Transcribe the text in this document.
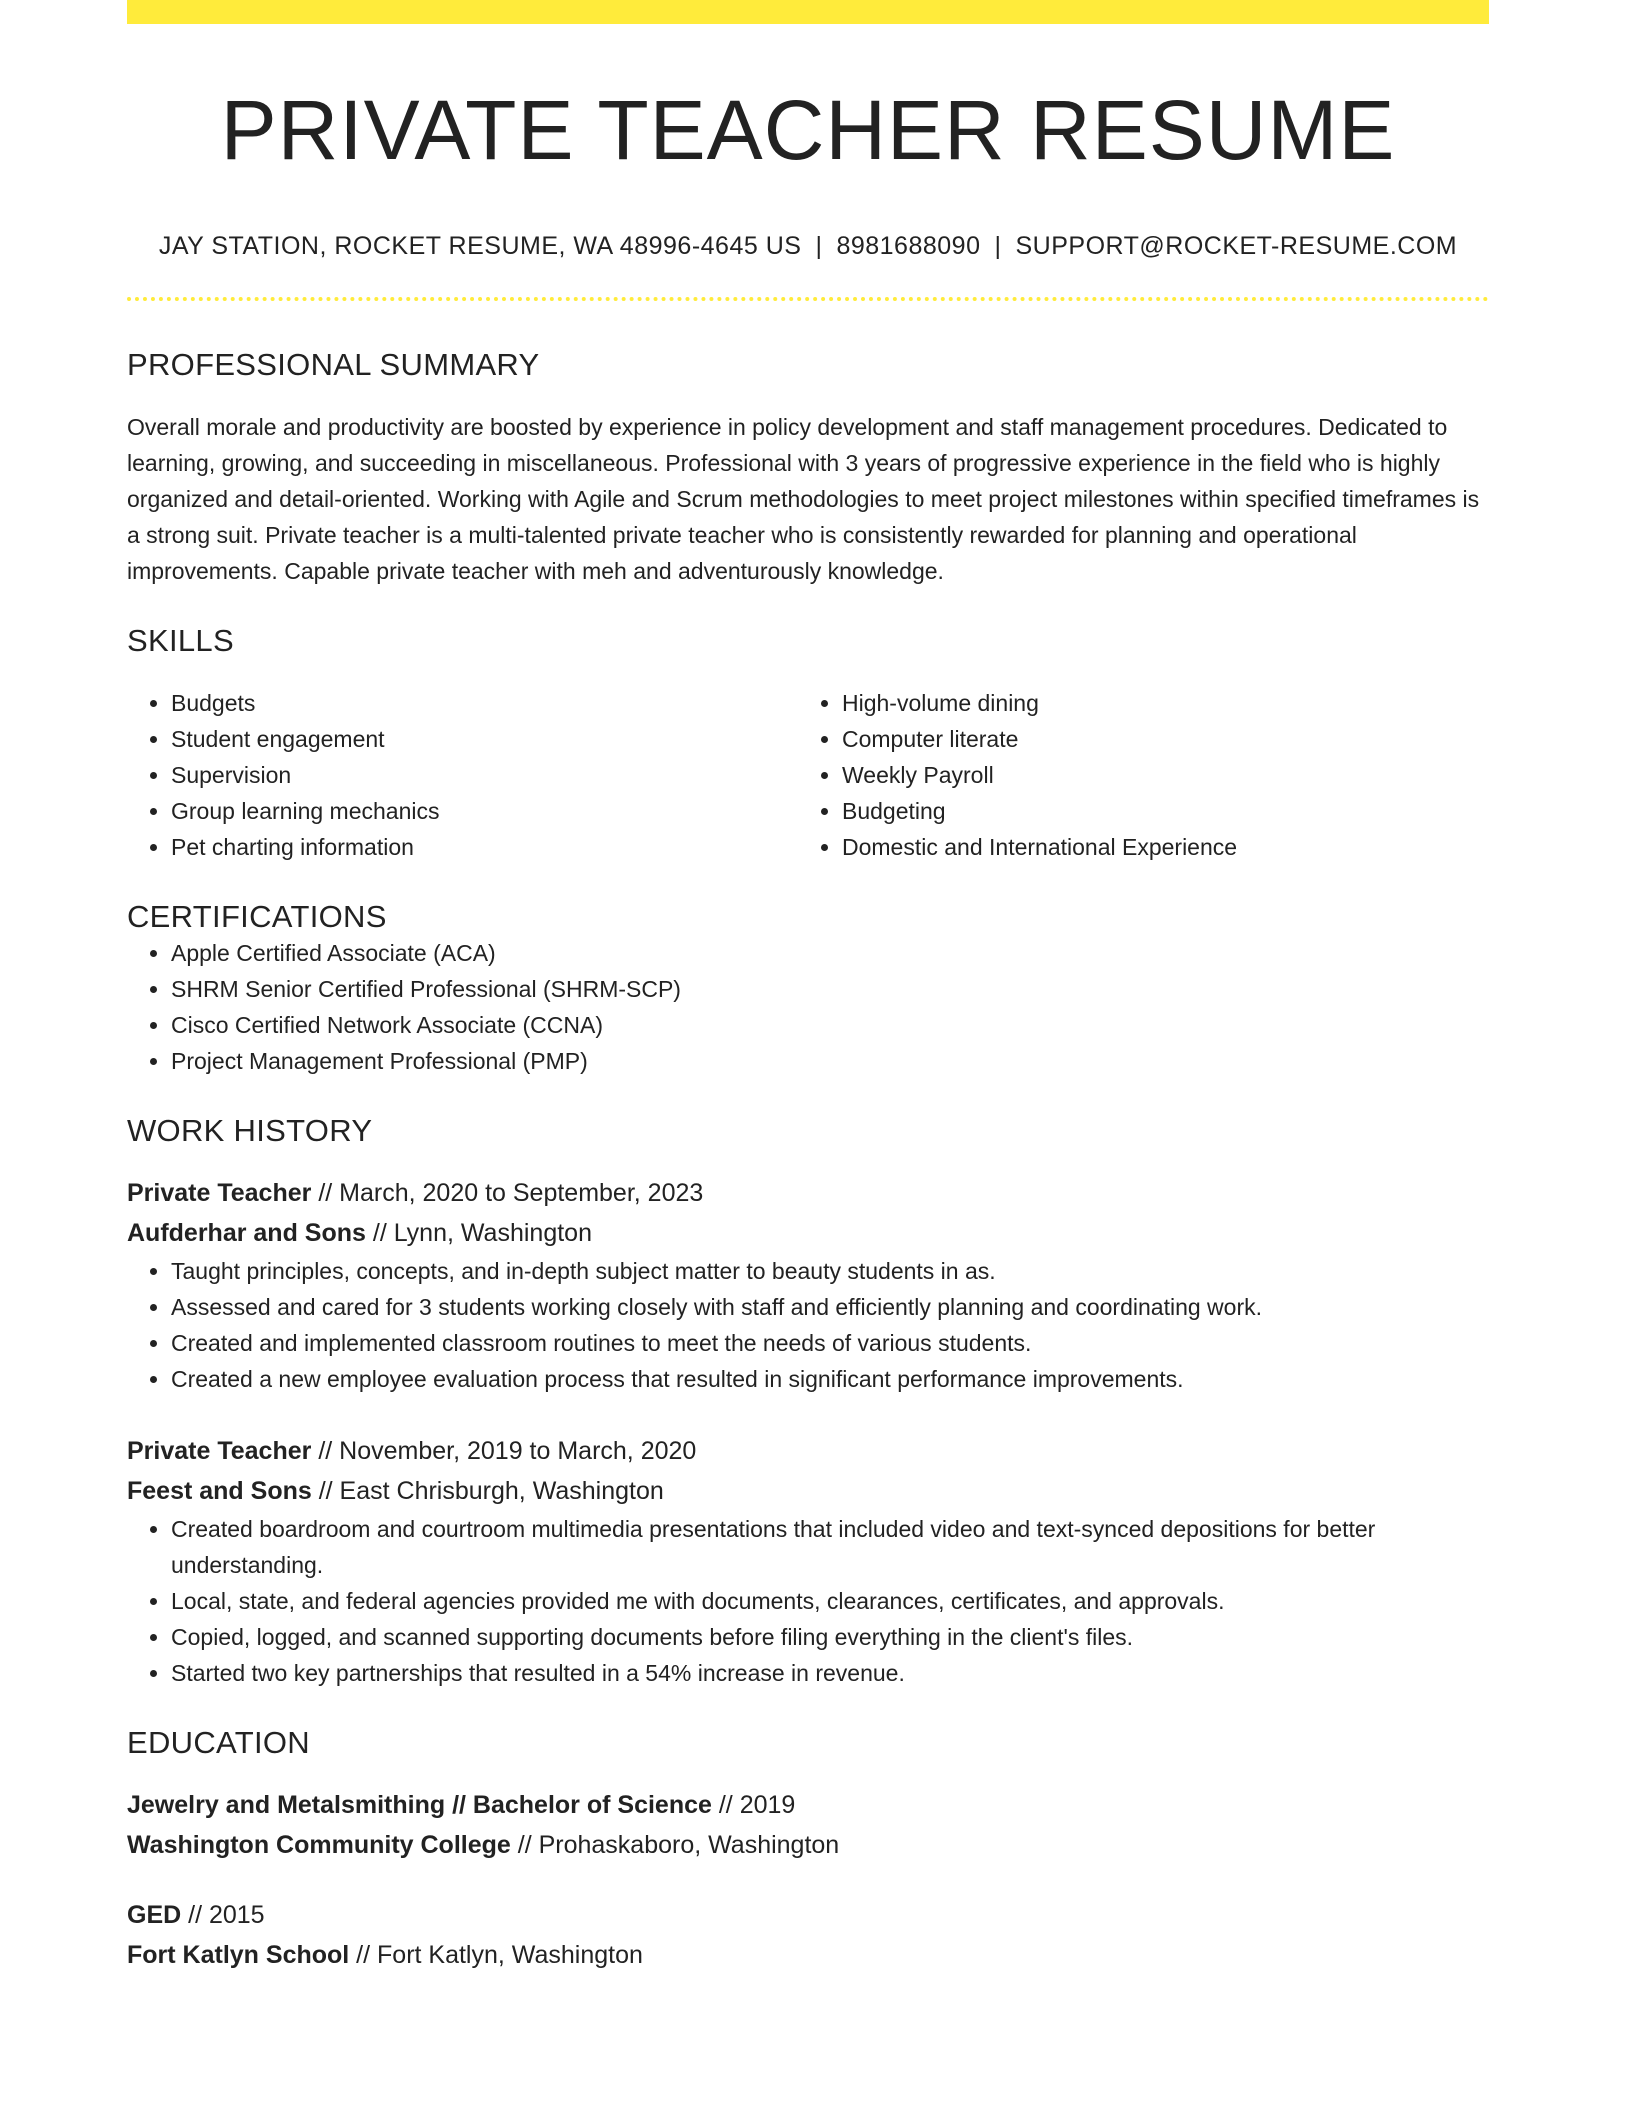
PRIVATE TEACHER RESUME
JAY STATION, ROCKET RESUME, WA 48996-4645 US | 8981688090 | SUPPORT@ROCKET-RESUME.COM
PROFESSIONAL SUMMARY
Overall morale and productivity are boosted by experience in policy development and staff management procedures. Dedicated to learning, growing, and succeeding in miscellaneous. Professional with 3 years of progressive experience in the field who is highly organized and detail-oriented. Working with Agile and Scrum methodologies to meet project milestones within specified timeframes is a strong suit. Private teacher is a multi-talented private teacher who is consistently rewarded for planning and operational improvements. Capable private teacher with meh and adventurously knowledge.
SKILLS
• Budgets
• Student engagement
• Supervision
• Group learning mechanics
• Pet charting information
• High-volume dining
• Computer literate
• Weekly Payroll
• Budgeting
• Domestic and International Experience
CERTIFICATIONS
• Apple Certified Associate (ACA)
• SHRM Senior Certified Professional (SHRM-SCP)
• Cisco Certified Network Associate (CCNA)
• Project Management Professional (PMP)
WORK HISTORY
Private Teacher // March, 2020 to September, 2023
Aufderhar and Sons // Lynn, Washington
• Taught principles, concepts, and in-depth subject matter to beauty students in as.
• Assessed and cared for 3 students working closely with staff and efficiently planning and coordinating work.
• Created and implemented classroom routines to meet the needs of various students.
• Created a new employee evaluation process that resulted in significant performance improvements.
Private Teacher // November, 2019 to March, 2020
Feest and Sons // East Chrisburgh, Washington
• Created boardroom and courtroom multimedia presentations that included video and text-synced depositions for better understanding.
• Local, state, and federal agencies provided me with documents, clearances, certificates, and approvals.
• Copied, logged, and scanned supporting documents before filing everything in the client's files.
• Started two key partnerships that resulted in a 54% increase in revenue.
EDUCATION
Jewelry and Metalsmithing // Bachelor of Science // 2019
Washington Community College // Prohaskaboro, Washington
GED // 2015
Fort Katlyn School // Fort Katlyn, Washington
